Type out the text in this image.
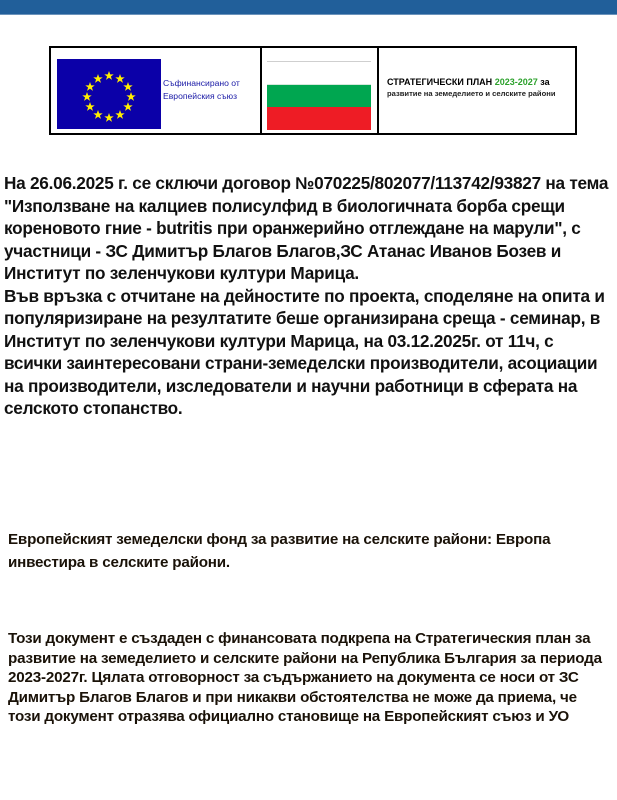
Съфинансирано от
Европейския съюз
СТРАТЕГИЧЕСКИ ПЛАН 2023-2027 за
развитие на земеделието и селските райони

На 26.06.2025 г. се сключи договор №070225/802077/113742/93827 на тема "Използване на калциев полисулфид в биологичната борба срещи кореновото гние - butritis при оранжерийно отглеждане на марули", с участници - ЗС Димитър Благов Благов,ЗС Атанас Иванов Бозев и Институт по зеленчукови култури Марица.

Във връзка с отчитане на дейностите по проекта, споделяне на опита и популяризиране на резултатите беше организирана среща - семинар, в Институт по зеленчукови култури Марица, на 03.12.2025г. от 11ч, с всички заинтересовани страни-земеделски производители, асоциации на производители, изследователи и научни работници в сферата на селското стопанство.

Европейският земеделски фонд за развитие на селските райони: Европа инвестира в селските райони.
Този документ е създаден с финансовата подкрепа на Стратегическия план за развитие на земеделието и селските райони на Република България за периода 2023-2027г. Цялата отговорност за съдържанието на документа се носи от ЗС Димитър Благов Благов и при никакви обстоятелства не може да приема, че този документ отразява официално становище на Европейският съюз и УО
